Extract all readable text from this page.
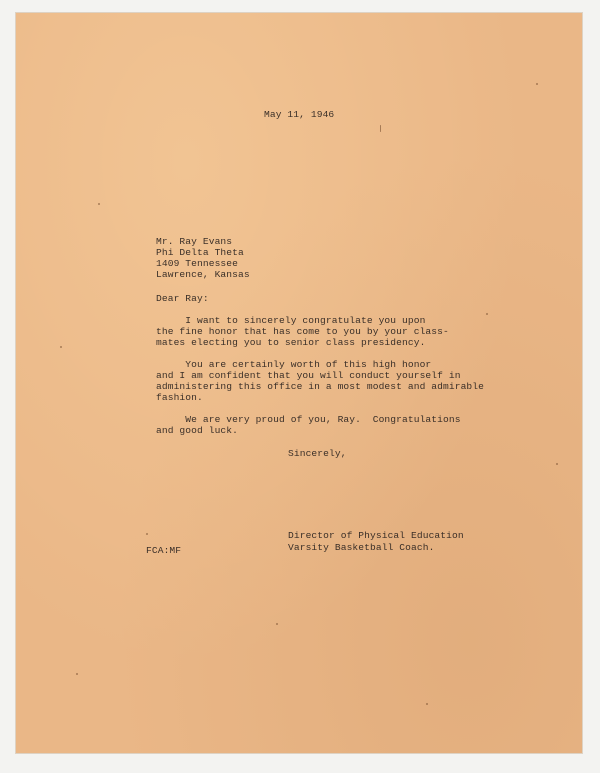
May 11, 1946
Mr. Ray Evans
Phi Delta Theta
1409 Tennessee
Lawrence, Kansas
Dear Ray:
I want to sincerely congratulate you upon
the fine honor that has come to you by your class-
mates electing you to senior class presidency.
You are certainly worth of this high honor
and I am confident that you will conduct yourself in
administering this office in a most modest and admirable
fashion.
We are very proud of you, Ray.  Congratulations
and good luck.
Sincerely,
Director of Physical Education
Varsity Basketball Coach.
FCA:MF
